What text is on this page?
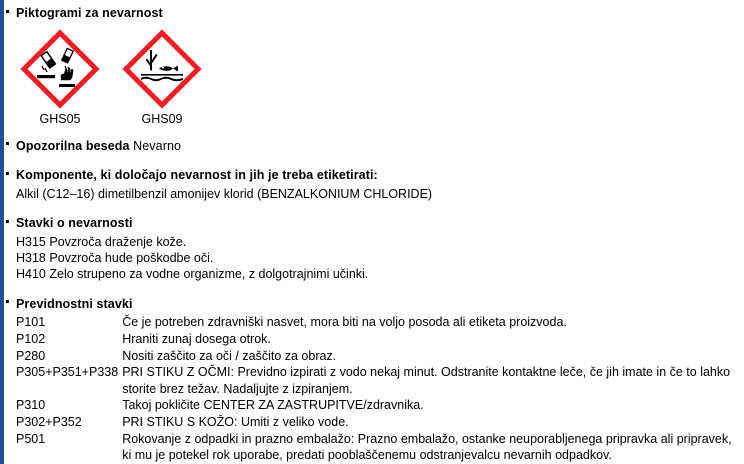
Piktogrami za nevarnost
GHS05	GHS09
Opozorilna beseda Nevarno
Komponente, ki določajo nevarnost in jih je treba etiketirati:
Alkil (C12–16) dimetilbenzil amonijev klorid (BENZALKONIUM CHLORIDE)
Stavki o nevarnosti
H315 Povzroča draženje kože.
H318 Povzroča hude poškodbe oči.
H410 Zelo strupeno za vodne organizme, z dolgotrajnimi učinki.
Previdnostni stavki
P101	Če je potreben zdravniški nasvet, mora biti na voljo posoda ali etiketa proizvoda.
P102	Hraniti zunaj dosega otrok.
P280	Nositi zaščito za oči / zaščito za obraz.
P305+P351+P338	PRI STIKU Z OČMI: Previdno izpirati z vodo nekaj minut. Odstranite kontaktne leče, če jih imate in če to lahko storite brez težav. Nadaljujte z izpiranjem.
P310	Takoj pokličite CENTER ZA ZASTRUPITVE/zdravnika.
P302+P352	PRI STIKU S KOŽO: Umiti z veliko vode.
P501	Rokovanje z odpadki in prazno embalažo: Prazno embalažo, ostanke neuporabljenega pripravka ali pripravek, ki mu je potekel rok uporabe, predati pooblaščenemu odstranjevalcu nevarnih odpadkov.
